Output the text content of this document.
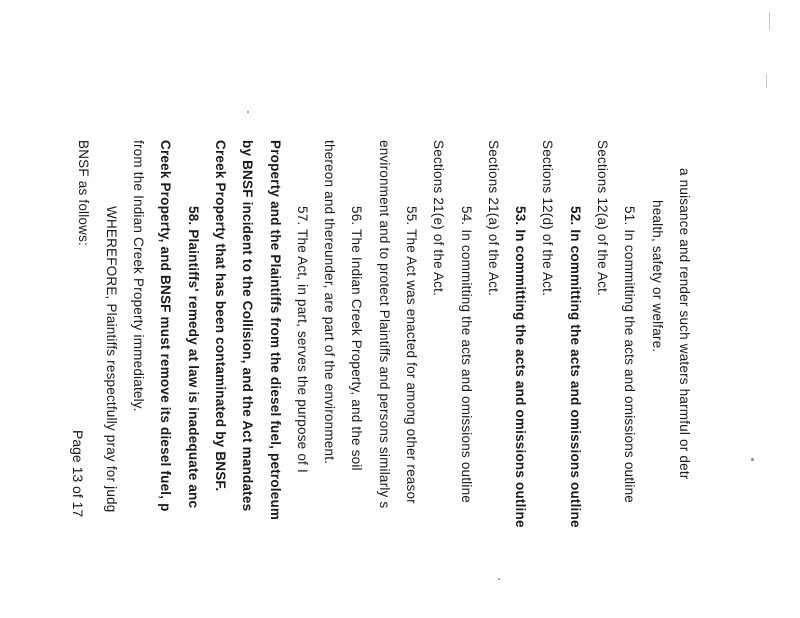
a nuisance and render such waters harmful or detr
health, safety or welfare.
51. In committing the acts and omissions outline
Sections 12(a) of the Act.
52. In committing the acts and omissions outline
Sections 12(d) of the Act.
53. In committing the acts and omissions outline
Sections 21(a) of the Act.
54. In committing the acts and omissions outline
Sections 21(e) of the Act.
55. The Act was enacted for among other reasor
environment and to protect Plaintiffs and persons similarly s
56. The Indian Creek Property, and the soil
thereon and thereunder, are part of the environment.
57. The Act, in part, serves the purpose of I
Property and the Plaintiffs from the diesel fuel, petroleum
by BNSF incident to the Collision, and the Act mandates
Creek Property that has been contaminated by BNSF.
58. Plaintiffs' remedy at law is inadequate anc
Creek Property, and BNSF must remove its diesel fuel, p
from the Indian Creek Property immediately.
WHEREFORE, Plaintiffs respectfully pray for judg
BNSF as follows:
Page 13 of 17
